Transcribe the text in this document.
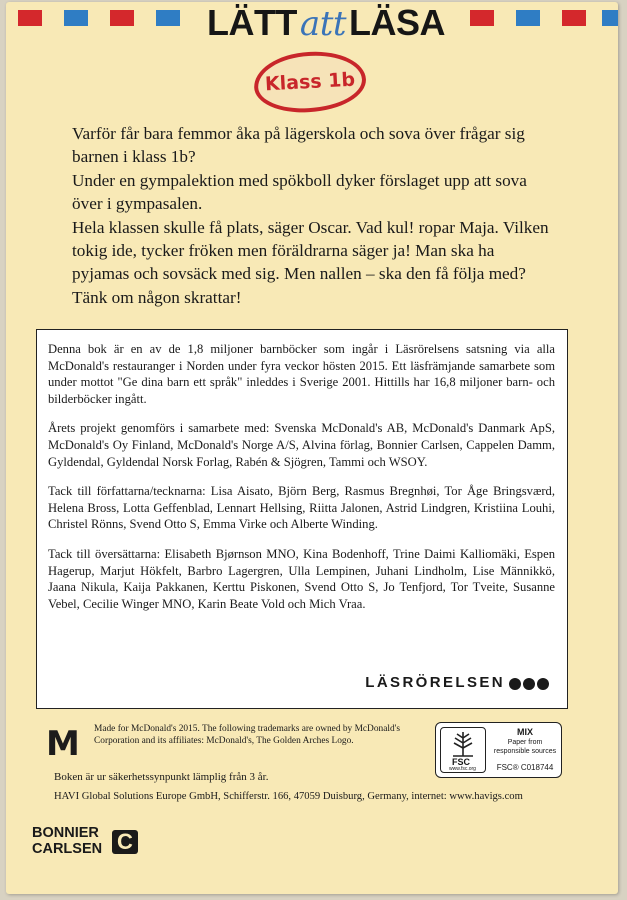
LÄTTattLÄSA
Klass 1b

Varför får bara femmor åka på lägerskola och sova över frågar sig barnen i klass 1b?

Under en gympalektion med spökboll dyker förslaget upp att sova över i gympasalen.

Hela klassen skulle få plats, säger Oscar. Vad kul! ropar Maja. Vilken tokig ide, tycker fröken men föräldrarna säger ja! Man ska ha pyjamas och sovsäck med sig. Men nallen – ska den få följa med? Tänk om någon skrattar!

Denna bok är en av de 1,8 miljoner barnböcker som ingår i Läsrörelsens satsning via alla McDonald's restauranger i Norden under fyra veckor hösten 2015. Ett läsfrämjande samarbete som under mottot "Ge dina barn ett språk" inleddes i Sverige 2001. Hittills har 16,8 miljoner barn- och bilderböcker ingått.

Årets projekt genomförs i samarbete med: Svenska McDonald's AB, McDonald's Danmark ApS, McDonald's Oy Finland, McDonald's Norge A/S, Alvina förlag, Bonnier Carlsen, Cappelen Damm, Gyldendal, Gyldendal Norsk Forlag, Rabén & Sjögren, Tammi och WSOY.

Tack till författarna/tecknarna: Lisa Aisato, Björn Berg, Rasmus Bregnhøi, Tor Åge Bringsværd, Helena Bross, Lotta Geffenblad, Lennart Hellsing, Riitta Jalonen, Astrid Lindgren, Kristiina Louhi, Christel Rönns, Svend Otto S, Emma Virke och Alberte Winding.

Tack till översättarna: Elisabeth Bjørnson MNO, Kina Bodenhoff, Trine Daimi Kalliomäki, Espen Hagerup, Marjut Hökfelt, Barbro Lagergren, Ulla Lempinen, Juhani Lindholm, Lise Männikkö, Jaana Nikula, Kaija Pakkanen, Kerttu Piskonen, Svend Otto S, Jo Tenfjord, Tor Tveite, Susanne Vebel, Cecilie Winger MNO, Karin Beate Vold och Mich Vraa.

LÄSRÖRELSEN
M Made for McDonald's 2015. The following trademarks are owned by McDonald's Corporation and its affiliates: McDonald's, The Golden Arches Logo.
FSC
www.fsc.org
MIX
Paper from responsible sources
FSC® C018744
Boken är ur säkerhetssynpunkt lämplig från 3 år.
HAVI Global Solutions Europe GmbH, Schifferstr. 166, 47059 Duisburg, Germany, internet: www.havigs.com
BONNIER
CARLSEN C
